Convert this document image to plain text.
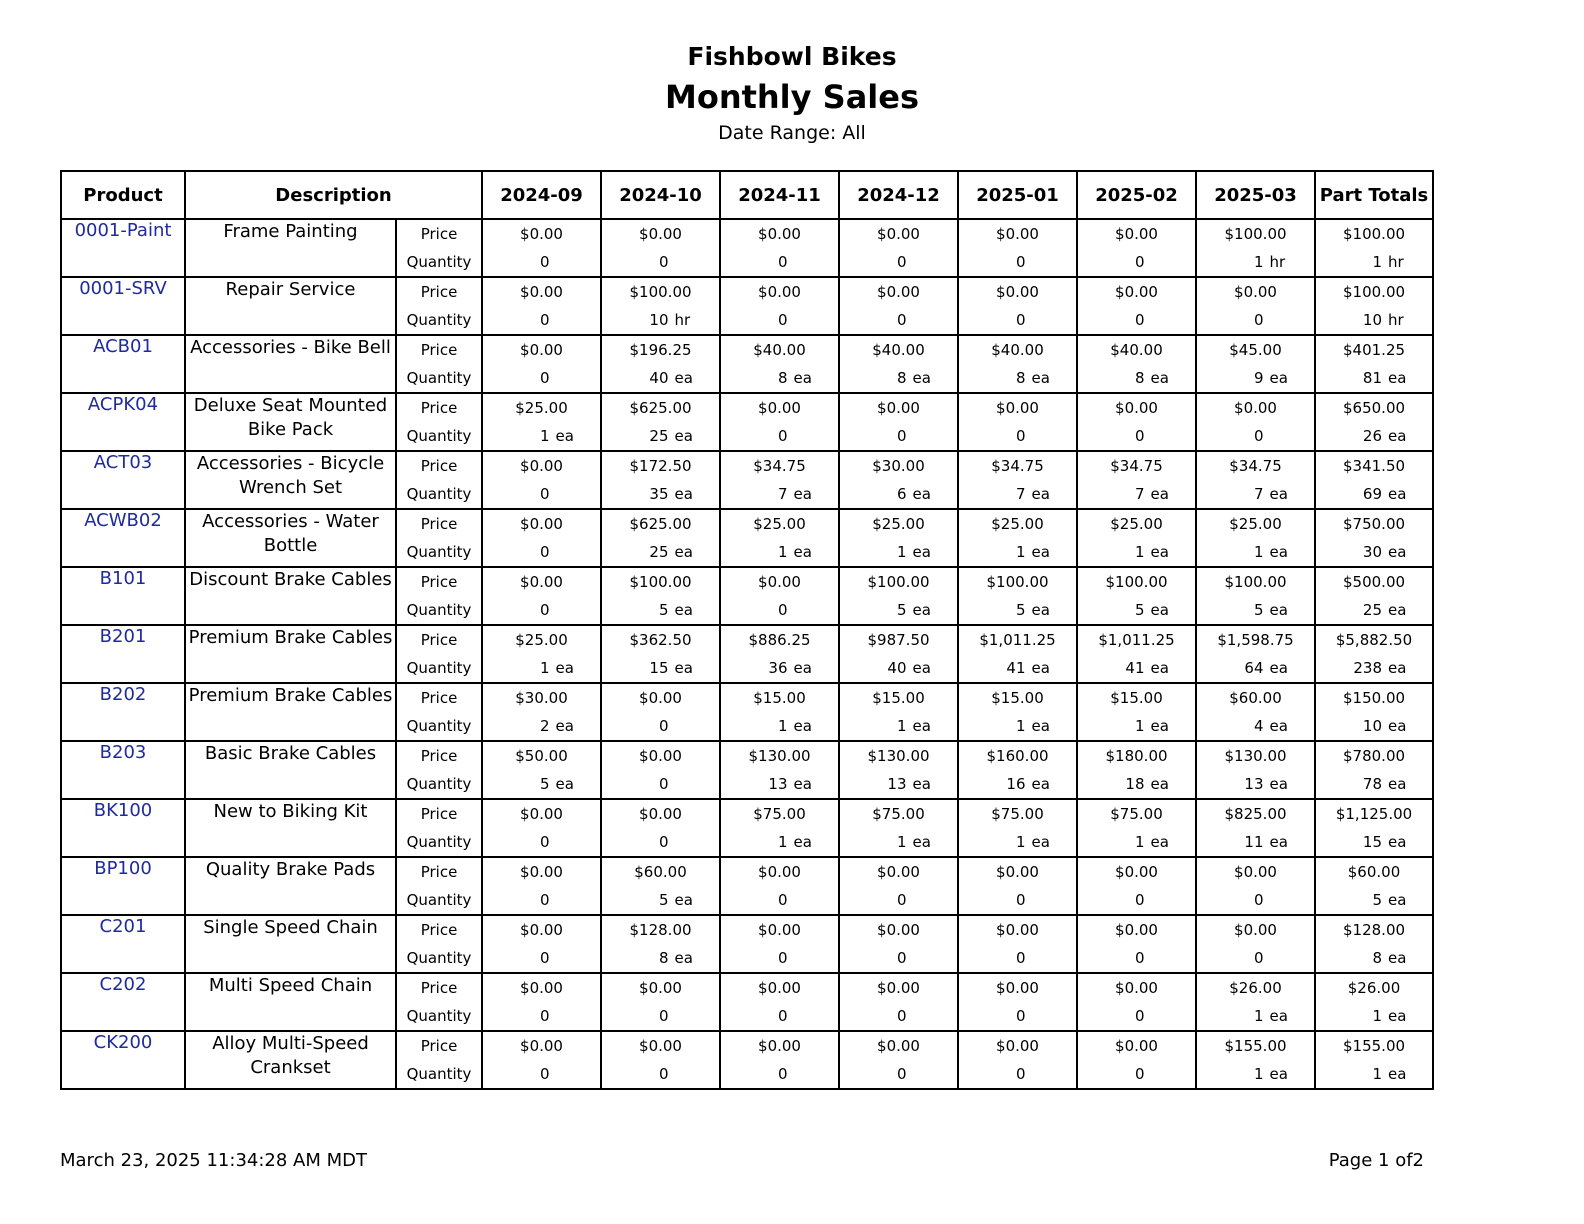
Fishbowl Bikes
Monthly Sales
Date Range: All
Product	Description		2024-09	2024-10	2024-11	2024-12	2025-01	2025-02	2025-03	Part Totals
0001-Paint	Frame Painting	Price	$0.00	$0.00	$0.00	$0.00	$0.00	$0.00	$100.00	$100.00
		Quantity	0	0	0	0	0	0	1 hr	1 hr
0001-SRV	Repair Service	Price	$0.00	$100.00	$0.00	$0.00	$0.00	$0.00	$0.00	$100.00
		Quantity	0	10 hr	0	0	0	0	0	10 hr
ACB01	Accessories - Bike Bell	Price	$0.00	$196.25	$40.00	$40.00	$40.00	$40.00	$45.00	$401.25
		Quantity	0	40 ea	8 ea	8 ea	8 ea	8 ea	9 ea	81 ea
ACPK04	Deluxe Seat Mounted Bike Pack	Price	$25.00	$625.00	$0.00	$0.00	$0.00	$0.00	$0.00	$650.00
		Quantity	1 ea	25 ea	0	0	0	0	0	26 ea
ACT03	Accessories - Bicycle Wrench Set	Price	$0.00	$172.50	$34.75	$30.00	$34.75	$34.75	$34.75	$341.50
		Quantity	0	35 ea	7 ea	6 ea	7 ea	7 ea	7 ea	69 ea
ACWB02	Accessories - Water Bottle	Price	$0.00	$625.00	$25.00	$25.00	$25.00	$25.00	$25.00	$750.00
		Quantity	0	25 ea	1 ea	1 ea	1 ea	1 ea	1 ea	30 ea
B101	Discount Brake Cables	Price	$0.00	$100.00	$0.00	$100.00	$100.00	$100.00	$100.00	$500.00
		Quantity	0	5 ea	0	5 ea	5 ea	5 ea	5 ea	25 ea
B201	Premium Brake Cables	Price	$25.00	$362.50	$886.25	$987.50	$1,011.25	$1,011.25	$1,598.75	$5,882.50
		Quantity	1 ea	15 ea	36 ea	40 ea	41 ea	41 ea	64 ea	238 ea
B202	Premium Brake Cables	Price	$30.00	$0.00	$15.00	$15.00	$15.00	$15.00	$60.00	$150.00
		Quantity	2 ea	0	1 ea	1 ea	1 ea	1 ea	4 ea	10 ea
B203	Basic Brake Cables	Price	$50.00	$0.00	$130.00	$130.00	$160.00	$180.00	$130.00	$780.00
		Quantity	5 ea	0	13 ea	13 ea	16 ea	18 ea	13 ea	78 ea
BK100	New to Biking Kit	Price	$0.00	$0.00	$75.00	$75.00	$75.00	$75.00	$825.00	$1,125.00
		Quantity	0	0	1 ea	1 ea	1 ea	1 ea	11 ea	15 ea
BP100	Quality Brake Pads	Price	$0.00	$60.00	$0.00	$0.00	$0.00	$0.00	$0.00	$60.00
		Quantity	0	5 ea	0	0	0	0	0	5 ea
C201	Single Speed Chain	Price	$0.00	$128.00	$0.00	$0.00	$0.00	$0.00	$0.00	$128.00
		Quantity	0	8 ea	0	0	0	0	0	8 ea
C202	Multi Speed Chain	Price	$0.00	$0.00	$0.00	$0.00	$0.00	$0.00	$26.00	$26.00
		Quantity	0	0	0	0	0	0	1 ea	1 ea
CK200	Alloy Multi-Speed Crankset	Price	$0.00	$0.00	$0.00	$0.00	$0.00	$0.00	$155.00	$155.00
		Quantity	0	0	0	0	0	0	1 ea	1 ea
March 23, 2025 11:34:28 AM MDT	Page 1 of2
